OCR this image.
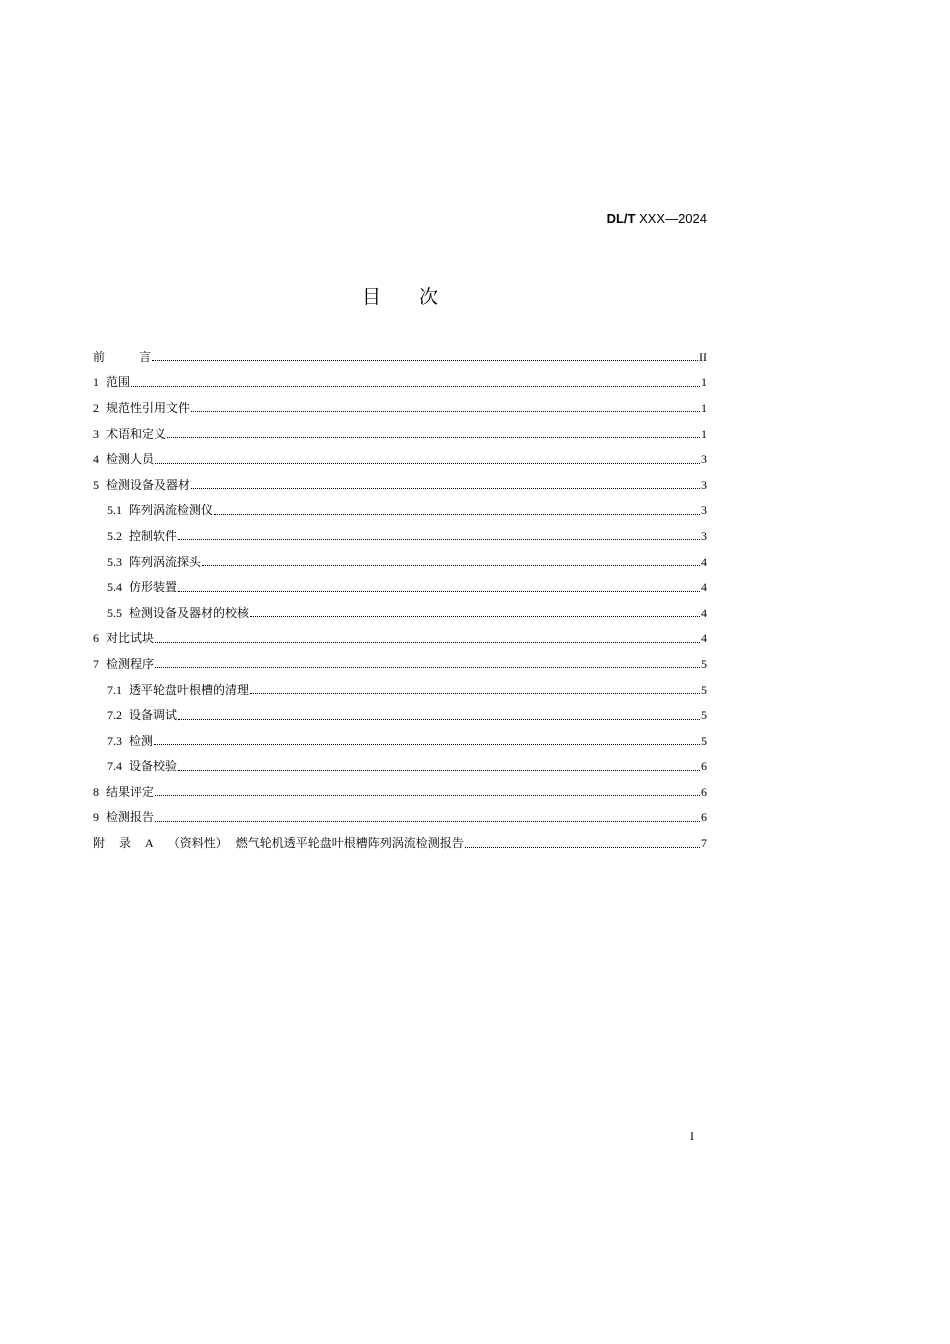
DL/T XXX—2024
目 次
前	言	II
1 范围	1
2 规范性引用文件	1
3 术语和定义	1
4 检测人员	3
5 检测设备及器材	3
5.1 阵列涡流检测仪	3
5.2 控制软件	3
5.3 阵列涡流探头	4
5.4 仿形装置	4
5.5 检测设备及器材的校核	4
6 对比试块	4
7 检测程序	5
7.1 透平轮盘叶根槽的清理	5
7.2 设备调试	5
7.3 检测	5
7.4 设备校验	6
8 结果评定	6
9 检测报告	6
附 录 A （资料性） 燃气轮机透平轮盘叶根槽阵列涡流检测报告	7
I
